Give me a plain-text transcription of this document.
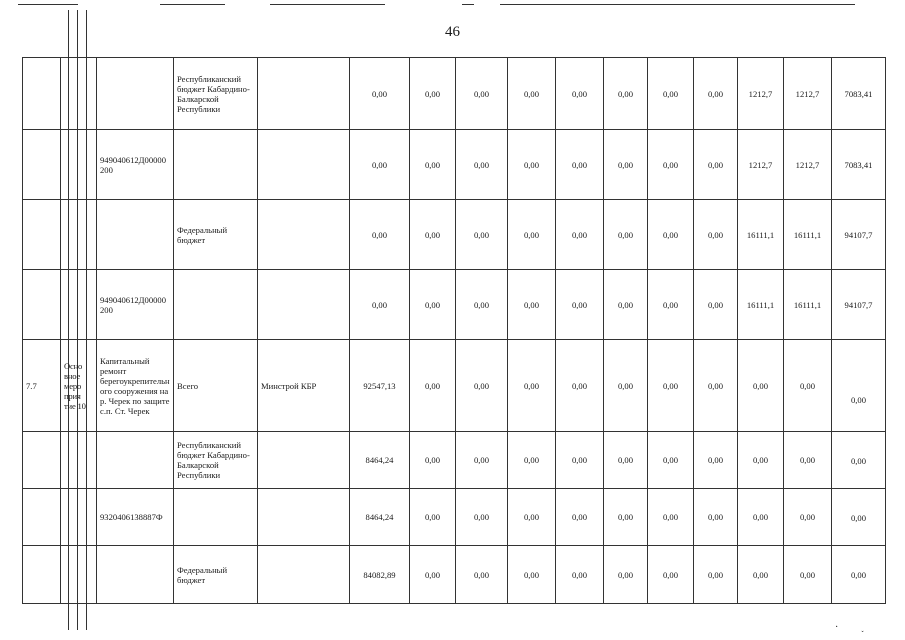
46
			Республиканский бюджет Кабардино-Балкарской Республики		0,00	0,00	0,00	0,00	0,00	0,00	0,00	0,00	1212,7	1212,7	7083,41
		949040612Д00000200			0,00	0,00	0,00	0,00	0,00	0,00	0,00	0,00	1212,7	1212,7	7083,41
			Федеральный бюджет		0,00	0,00	0,00	0,00	0,00	0,00	0,00	0,00	16111,1	16111,1	94107,7
		949040612Д00000200			0,00	0,00	0,00	0,00	0,00	0,00	0,00	0,00	16111,1	16111,1	94107,7
7.7	Осно вное меро прия тие 10	Капитальный ремонт берегоукрепительного сооружения на р. Черек по защите с.п. Ст. Черек	Всего	Минстрой КБР	92547,13	0,00	0,00	0,00	0,00	0,00	0,00	0,00	0,00	0,00	0,00
			Республиканский бюджет Кабардино-Балкарской Республики		8464,24	0,00	0,00	0,00	0,00	0,00	0,00	0,00	0,00	0,00	0,00
		9320406138887Ф			8464,24	0,00	0,00	0,00	0,00	0,00	0,00	0,00	0,00	0,00	0,00
			Федеральный бюджет		84082,89	0,00	0,00	0,00	0,00	0,00	0,00	0,00	0,00	0,00	0,00
·         ˯
